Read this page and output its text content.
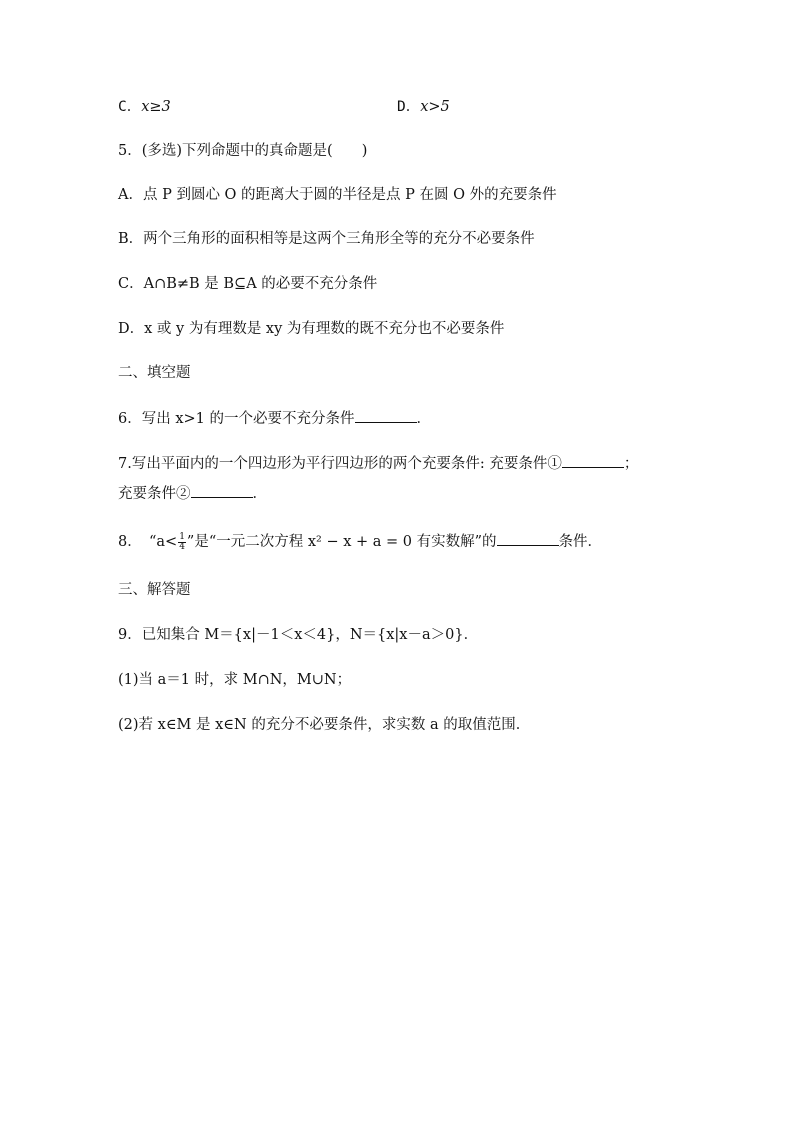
C．x≥3	D．x>5
5．(多选)下列命题中的真命题是(　　)
A．点 P 到圆心 O 的距离大于圆的半径是点 P 在圆 O 外的充要条件
B．两个三角形的面积相等是这两个三角形全等的充分不必要条件
C．A∩B≠B 是 B⊆A 的必要不充分条件
D．x 或 y 为有理数是 xy 为有理数的既不充分也不必要条件
二、填空题
6．写出 x>1 的一个必要不充分条件	．
7.写出平面内的一个四边形为平行四边形的两个充要条件: 充要条件①	；
充要条件②	．
8．　“$a< \frac{1}{4}$ ”是“一元二次方程 x² − x + a = 0 有实数解”的	条件．
三、解答题
9．已知集合 M＝{x|－1＜x＜4}，N＝{x|x－a＞0}．
(1)当 a＝1 时，求 M∩N，M∪N；
(2)若 x∈M 是 x∈N 的充分不必要条件，求实数 a 的取值范围．
